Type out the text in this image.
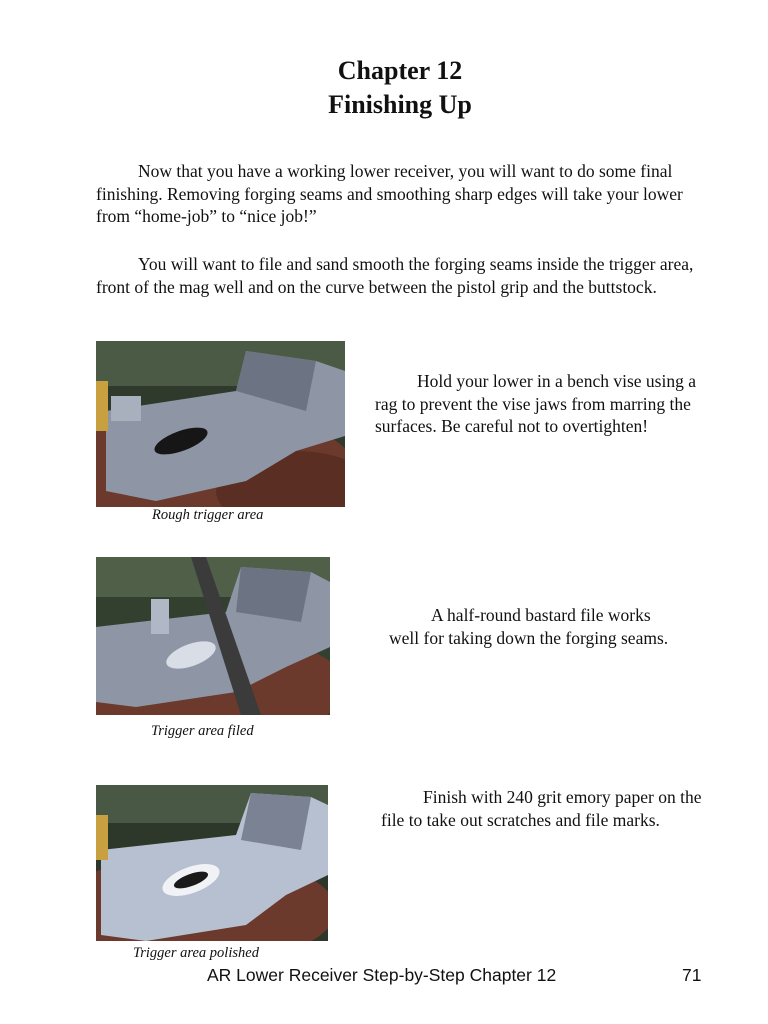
Chapter 12
Finishing Up

Now that you have a working lower receiver, you will want to do some final finishing. Removing forging seams and smoothing sharp edges will take your lower from “home-job” to “nice job!”

You will want to file and sand smooth the forging seams inside the trigger area, front of the mag well and on the curve between the pistol grip and the buttstock.

Rough trigger area

Hold your lower in a bench vise using a rag to prevent the vise jaws from marring the surfaces. Be careful not to overtighten!

Trigger area filed

A half-round bastard file works well for taking down the forging seams.

Trigger area polished

Finish with 240 grit emory paper on the file to take out scratches and file marks.

AR Lower Receiver Step-by-Step Chapter 12	71
